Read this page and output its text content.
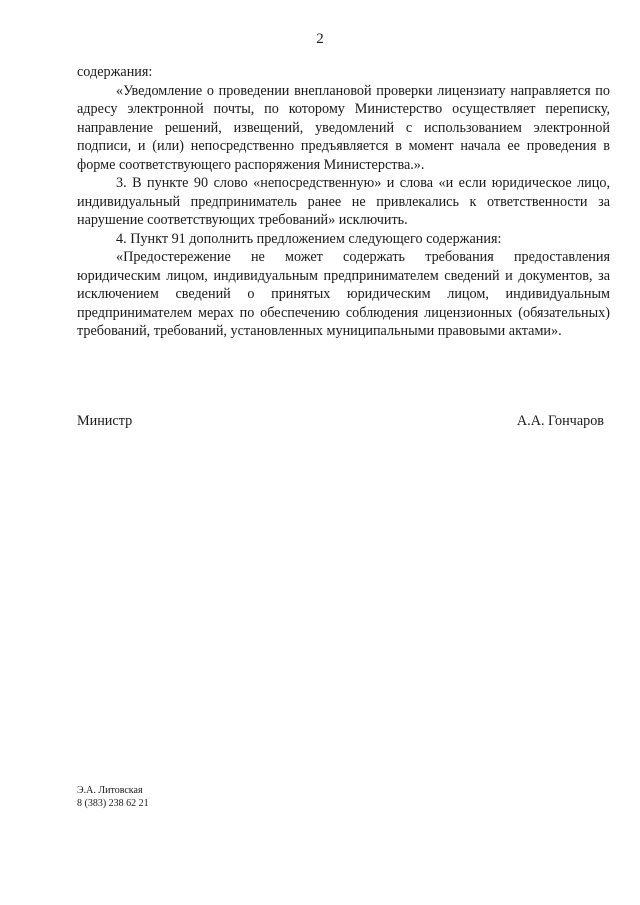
2

содержания:

«Уведомление о проведении внеплановой проверки лицензиату направляется по адресу электронной почты, по которому Министерство осуществляет переписку, направление решений, извещений, уведомлений с использованием электронной подписи, и (или) непосредственно предъявляется в момент начала ее проведения в форме соответствующего распоряжения Министерства.».

3. В пункте 90 слово «непосредственную» и слова «и если юридическое лицо, индивидуальный предприниматель ранее не привлекались к ответственности за нарушение соответствующих требований» исключить.

4. Пункт 91 дополнить предложением следующего содержания:

«Предостережение не может содержать требования предоставления юридическим лицом, индивидуальным предпринимателем сведений и документов, за исключением сведений о принятых юридическим лицом, индивидуальным предпринимателем мерах по обеспечению соблюдения лицензионных (обязательных) требований, требований, установленных муниципальными правовыми актами».

Министр	А.А. Гончаров
Э.А. Литовская
8 (383) 238 62 21
